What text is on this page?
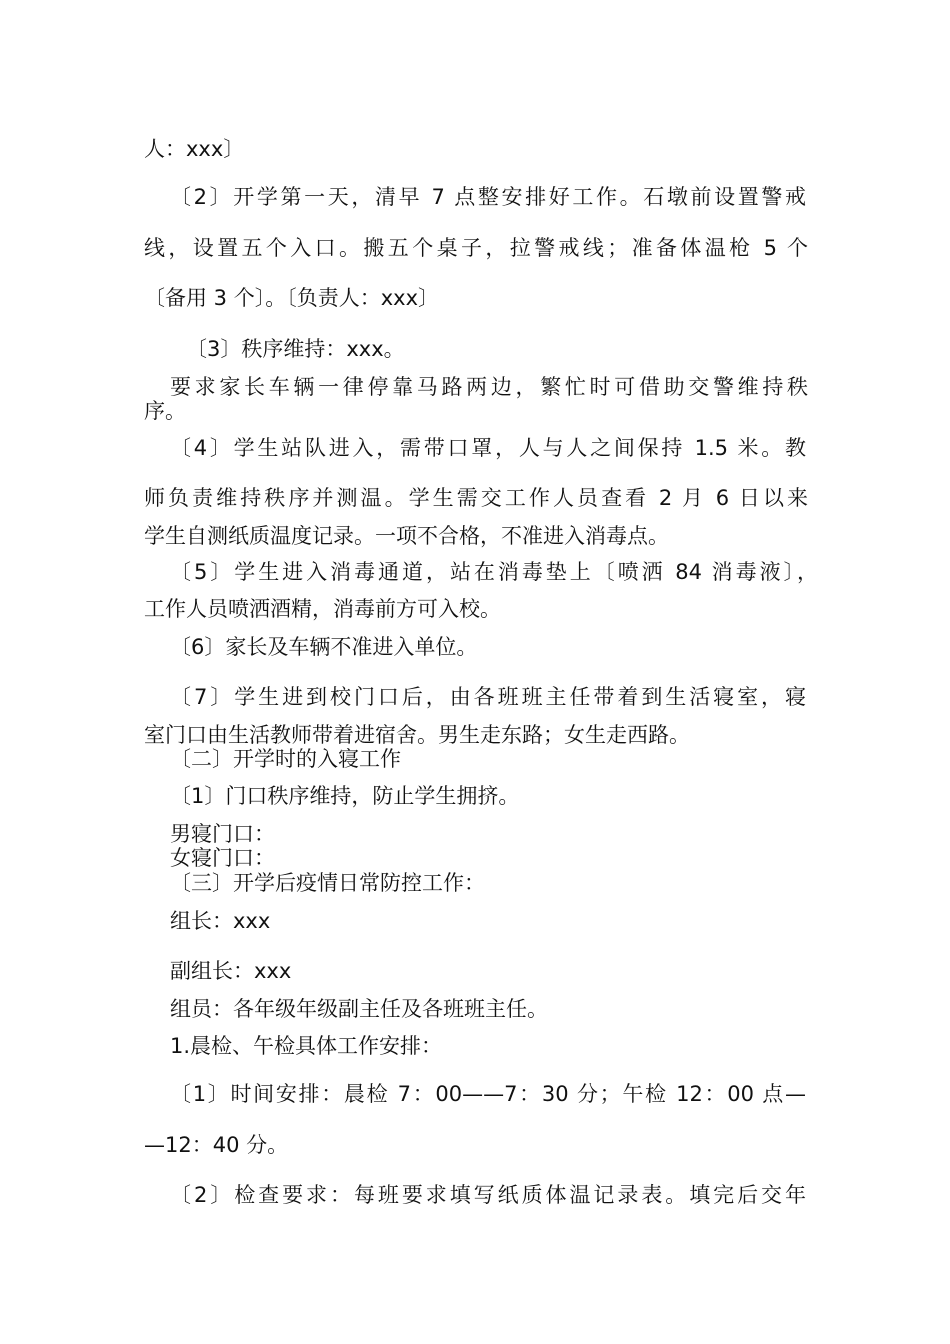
人：xxx〕
〔2〕开学第一天，清早 7 点整安排好工作。石墩前设置警戒
线，设置五个入口。搬五个桌子，拉警戒线；准备体温枪 5 个
〔备用 3 个〕。〔负责人：xxx〕
〔3〕秩序维持：xxx。
要求家长车辆一律停靠马路两边，繁忙时可借助交警维持秩
序。
〔4〕学生站队进入，需带口罩，人与人之间保持 1.5 米。教
师负责维持秩序并测温。学生需交工作人员查看 2 月 6 日以来
学生自测纸质温度记录。一项不合格，不准进入消毒点。
〔5〕学生进入消毒通道，站在消毒垫上〔喷洒 84 消毒液〕，
工作人员喷洒酒精，消毒前方可入校。
〔6〕家长及车辆不准进入单位。
〔7〕学生进到校门口后，由各班班主任带着到生活寝室，寝
室门口由生活教师带着进宿舍。男生走东路；女生走西路。
〔二〕开学时的入寝工作
〔1〕门口秩序维持，防止学生拥挤。
男寝门口：
女寝门口：
〔三〕开学后疫情日常防控工作：
组长：xxx
副组长：xxx
组员：各年级年级副主任及各班班主任。
1.晨检、午检具体工作安排：
〔1〕时间安排：晨检 7：00——7：30 分；午检 12：00 点—
—12：40 分。
〔2〕检查要求：每班要求填写纸质体温记录表。填完后交年
